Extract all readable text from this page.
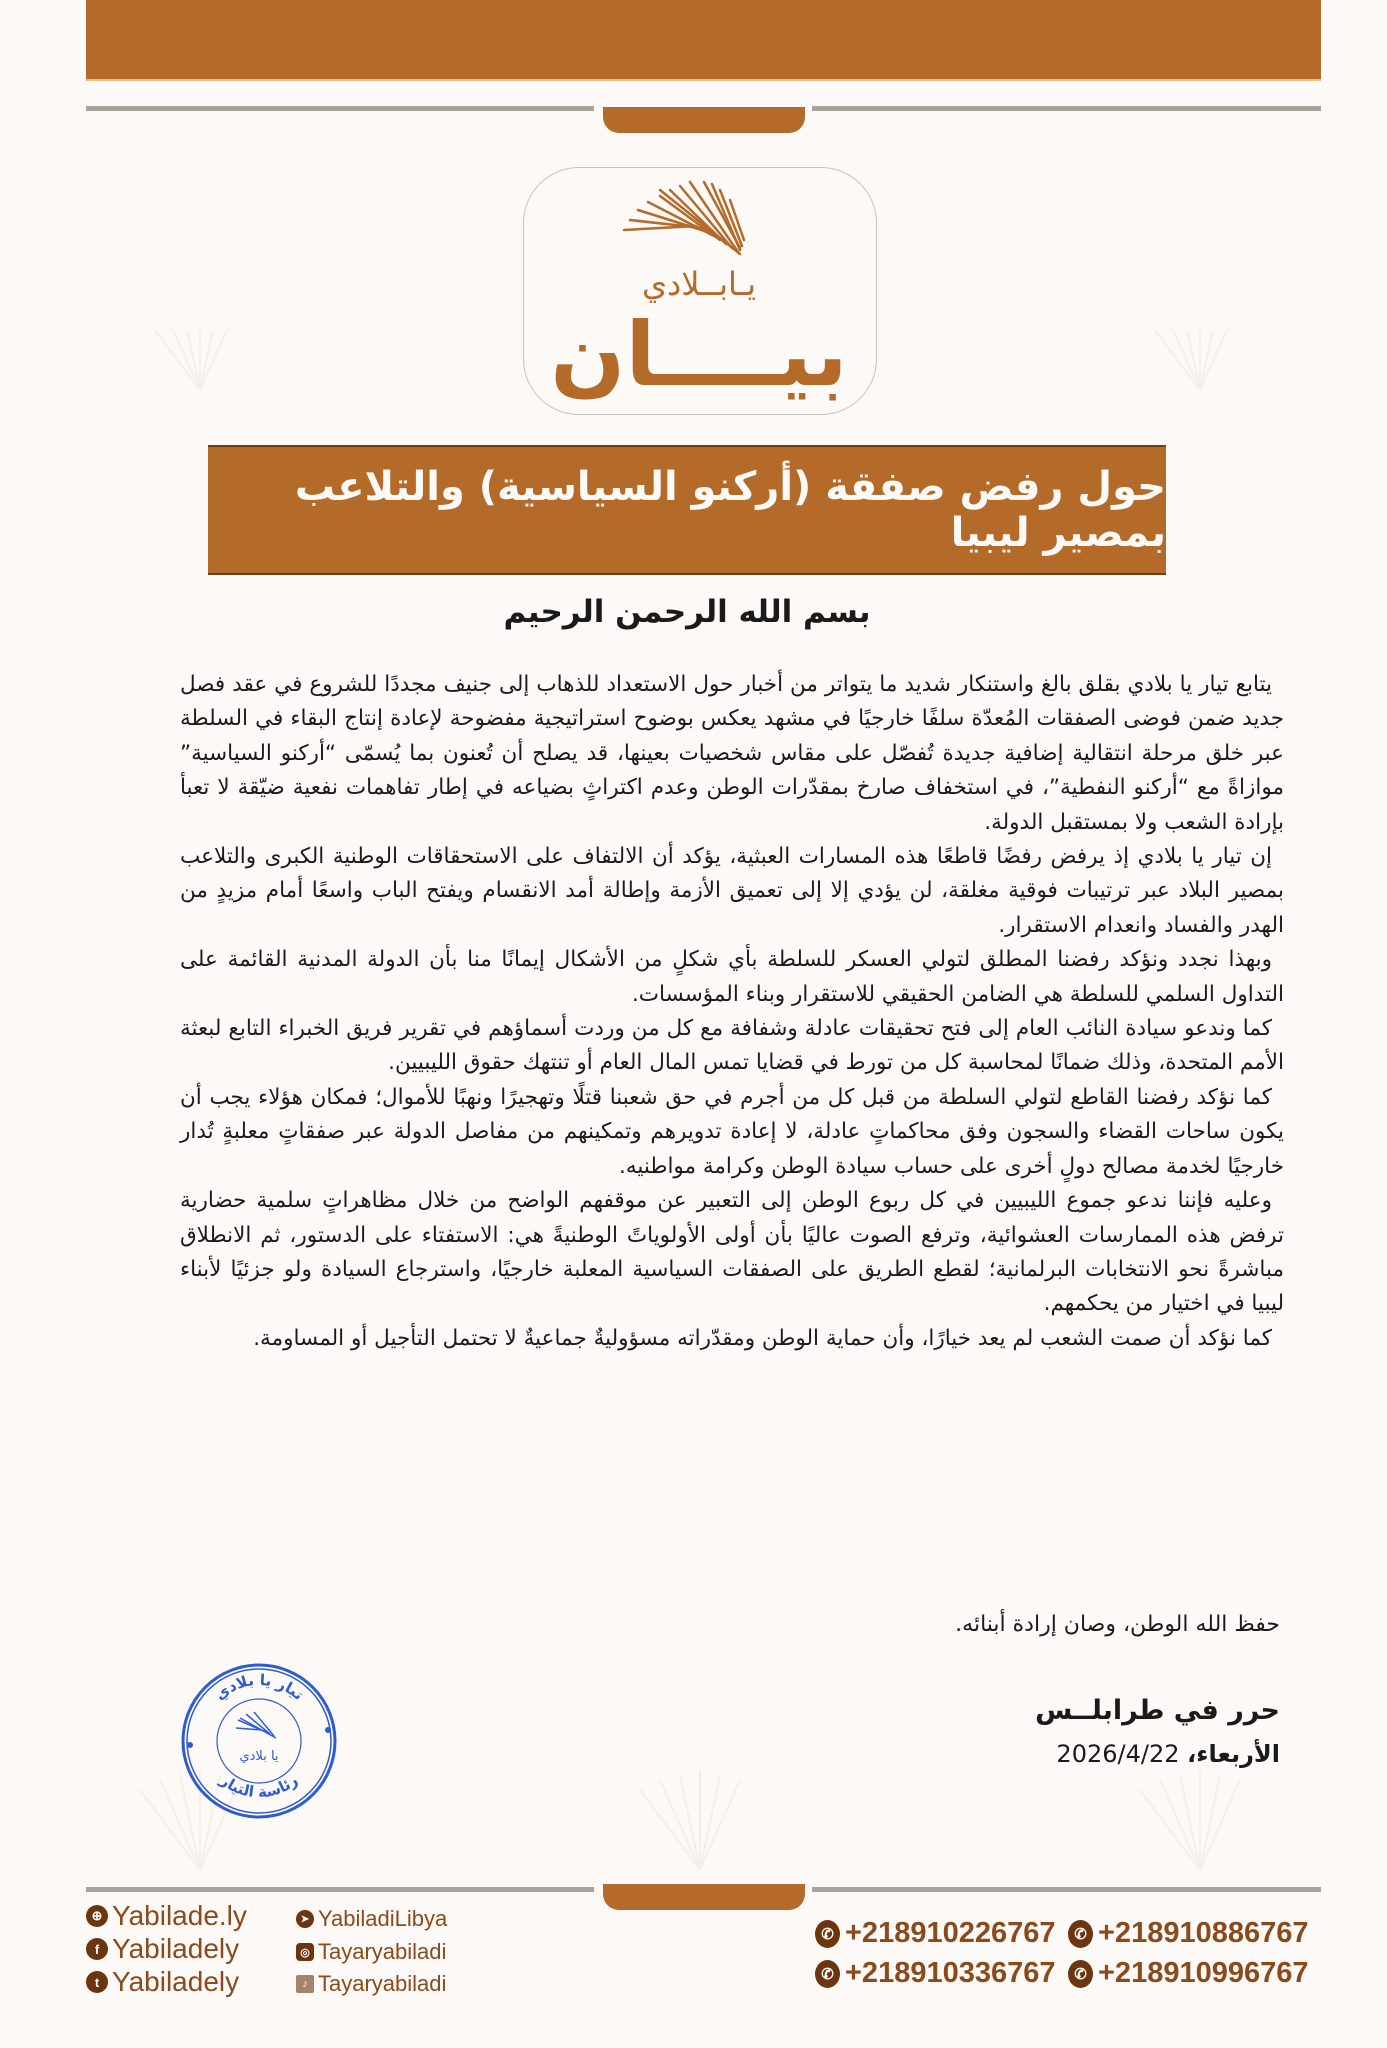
يـابــلادي
بيــــان
حول رفض صفقة (أركنو السياسية) والتلاعب بمصير ليبيا
بسم الله الرحمن الرحيم

يتابع تيار يا بلادي بقلق بالغ واستنكار شديد ما يتواتر من أخبار حول الاستعداد للذهاب إلى جنيف مجددًا للشروع في عقد فصل جديد ضمن فوضى الصفقات المُعدّة سلفًا خارجيًا في مشهد يعكس بوضوح استراتيجية مفضوحة لإعادة إنتاج البقاء في السلطة عبر خلق مرحلة انتقالية إضافية جديدة تُفصّل على مقاس شخصيات بعينها، قد يصلح أن تُعنون بما يُسمّى “أركنو السياسية” موازاةً مع “أركنو النفطية”، في استخفاف صارخ بمقدّرات الوطن وعدم اكتراثٍ بضياعه في إطار تفاهمات نفعية ضيّقة لا تعبأ بإرادة الشعب ولا بمستقبل الدولة.

إن تيار يا بلادي إذ يرفض رفضًا قاطعًا هذه المسارات العبثية، يؤكد أن الالتفاف على الاستحقاقات الوطنية الكبرى والتلاعب بمصير البلاد عبر ترتيبات فوقية مغلقة، لن يؤدي إلا إلى تعميق الأزمة وإطالة أمد الانقسام ويفتح الباب واسعًا أمام مزيدٍ من الهدر والفساد وانعدام الاستقرار.

وبهذا نجدد ونؤكد رفضنا المطلق لتولي العسكر للسلطة بأي شكلٍ من الأشكال إيمانًا منا بأن الدولة المدنية القائمة على التداول السلمي للسلطة هي الضامن الحقيقي للاستقرار وبناء المؤسسات.

كما وندعو سيادة النائب العام إلى فتح تحقيقات عادلة وشفافة مع كل من وردت أسماؤهم في تقرير فريق الخبراء التابع لبعثة الأمم المتحدة، وذلك ضمانًا لمحاسبة كل من تورط في قضايا تمس المال العام أو تنتهك حقوق الليبيين.

كما نؤكد رفضنا القاطع لتولي السلطة من قبل كل من أجرم في حق شعبنا قتلًا وتهجيرًا ونهبًا للأموال؛ فمكان هؤلاء يجب أن يكون ساحات القضاء والسجون وفق محاكماتٍ عادلة، لا إعادة تدويرهم وتمكينهم من مفاصل الدولة عبر صفقاتٍ معلبةٍ تُدار خارجيًا لخدمة مصالح دولٍ أخرى على حساب سيادة الوطن وكرامة مواطنيه.

وعليه فإننا ندعو جموع الليبيين في كل ربوع الوطن إلى التعبير عن موقفهم الواضح من خلال مظاهراتٍ سلمية حضارية ترفض هذه الممارسات العشوائية، وترفع الصوت عاليًا بأن أولى الأولوياتً الوطنيةً هي: الاستفتاء على الدستور، ثم الانطلاق مباشرةً نحو الانتخابات البرلمانية؛ لقطع الطريق على الصفقات السياسية المعلبة خارجيًا، واسترجاع السيادة ولو جزئيًا لأبناء ليبيا في اختيار من يحكمهم.

كما نؤكد أن صمت الشعب لم يعد خيارًا، وأن حماية الوطن ومقدّراته مسؤوليةٌ جماعيةٌ لا تحتمل التأجيل أو المساومة.

حفظ الله الوطن، وصان إرادة أبنائه.
حرر في طرابلــس
الأربعاء، 2026/4/22
تيار يا بلادي
رئاسة التيار
يا بلادي
⊕ Yabilade.ly
f Yabiladely
t Yabiladely
➤ YabiladiLibya
◎ Tayaryabiladi
♪ Tayaryabiladi
✆ +218910226767	✆ +218910886767
✆ +218910336767	✆ +218910996767
